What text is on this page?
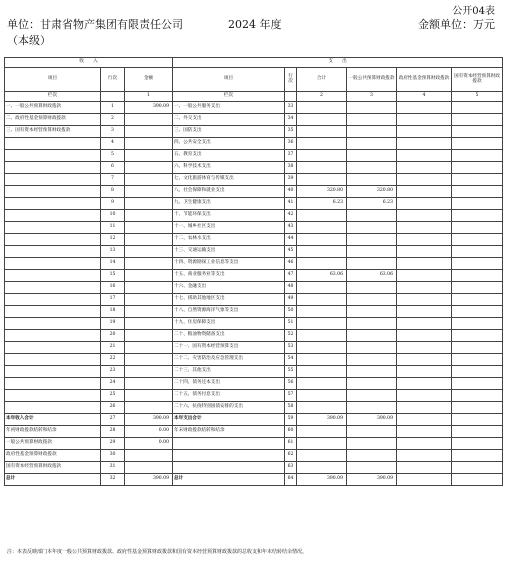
公开04表
单位：甘肃省物产集团有限责任公司
（本级）
2024 年度	金额单位：万元
收　　入			支　　出					
项目	行次	金额	项目	行次	合计	一般公共预算财政拨款	政府性基金预算财政拨款	国有资本经营预算财政拨款
栏次		1	栏次		2	3	4	5
一、一般公共预算财政拨款	1	390.09	一、一般公共服务支出	33				
二、政府性基金预算财政拨款	2		二、外交支出	34				
三、国有资本经营预算财政拨款	3		三、国防支出	35				
	4		四、公共安全支出	36				
	5		五、教育支出	37				
	6		六、科学技术支出	38				
	7		七、文化旅游体育与传媒支出	39				
	8		八、社会保障和就业支出	40	320.80	320.80		
	9		九、卫生健康支出	41	6.23	6.23		
	10		十、节能环保支出	42				
	11		十一、城乡社区支出	43				
	12		十二、农林水支出	44				
	13		十三、交通运输支出	45				
	14		十四、资源勘探工业信息等支出	46				
	15		十五、商业服务业等支出	47	63.06	63.06		
	16		十六、金融支出	48				
	17		十七、援助其他地区支出	49				
	18		十八、自然资源海洋气象等支出	50				
	19		十九、住房保障支出	51				
	20		二十、粮油物资储备支出	52				
	21		二十一、国有资本经营预算支出	53				
	22		二十二、灾害防治及应急管理支出	54				
	23		二十三、其他支出	55				
	24		二十四、债务还本支出	56				
	25		二十五、债务付息支出	57				
	26		二十六、抗疫特别国债安排的支出	58				
本年收入合计	27	390.09	本年支出合计	59	390.09	390.09		
年初财政拨款结转和结余	28	0.00	年末财政拨款结转和结余	60				
一般公共预算财政拨款	29	0.00		61				
政府性基金预算财政拨款	30			62				
国有资本经营预算财政拨款	31			63				
总计	32	390.09	总计	64	390.09	390.09		
注：本表反映部门本年度一般公共预算财政拨款、政府性基金预算财政拨款和国有资本经营预算财政拨款的总收支和年末结转结余情况。
